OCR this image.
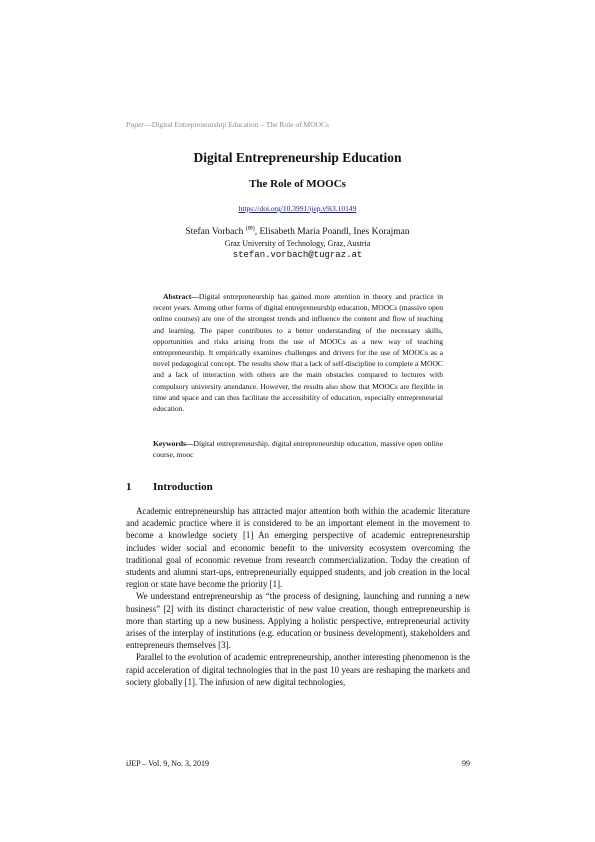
Paper—Digital Entrepreneurship Education – The Role of MOOCs
Digital Entrepreneurship Education
The Role of MOOCs
https://doi.org/10.3991/ijep.v9i3.10149
Stefan Vorbach (✉), Elisabeth Maria Poandl, Ines Korajman
Graz University of Technology, Graz, Austria
stefan.vorbach@tugraz.at
Abstract—Digital entrepreneurship has gained more attention in theory and practice in recent years. Among other forms of digital entrepreneurship education, MOOCs (massive open online courses) are one of the strongest trends and influence the content and flow of teaching and learning. The paper contributes to a better understanding of the necessary skills, opportunities and risks arising from the use of MOOCs as a new way of teaching entrepreneurship. It empirically examines challenges and drivers for the use of MOOCs as a novel pedagogical concept. The results show that a lack of self-discipline to complete a MOOC and a lack of interaction with others are the main obstacles compared to lectures with compulsory university attendance. However, the results also show that MOOCs are flexible in time and space and can thus facilitate the accessibility of education, especially entrepreneurial education.
Keywords—Digital entrepreneurship, digital entrepreneurship education, massive open online course, mooc
1 Introduction

Academic entrepreneurship has attracted major attention both within the academic literature and academic practice where it is considered to be an important element in the movement to become a knowledge society [1] An emerging perspective of academic entrepreneurship includes wider social and economic benefit to the university ecosystem overcoming the traditional goal of economic revenue from research commercialization. Today the creation of students and alumni start-ups, entrepreneurially equipped students, and job creation in the local region or state have become the priority [1].

We understand entrepreneurship as “the process of designing, launching and running a new business” [2] with its distinct characteristic of new value creation, though entrepreneurship is more than starting up a new business. Applying a holistic perspective, entrepreneurial activity arises of the interplay of institutions (e.g. education or business development), stakeholders and entrepreneurs themselves [3].

Parallel to the evolution of academic entrepreneurship, another interesting phenomenon is the rapid acceleration of digital technologies that in the past 10 years are reshaping the markets and society globally [1]. The infusion of new digital technologies,

iJEP – Vol. 9, No. 3, 2019	99
